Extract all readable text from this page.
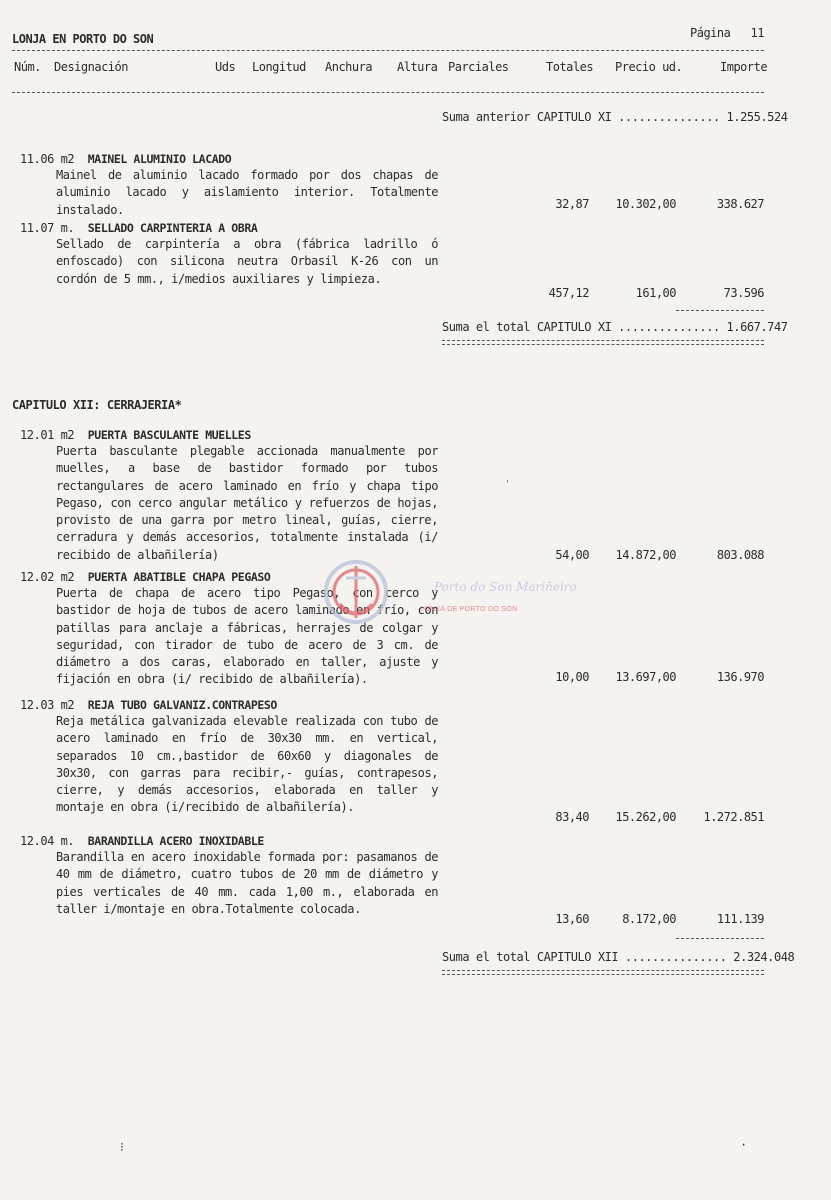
LONJA EN PORTO DO SON	Página 11
Núm. Designación	Uds Longitud Anchura Altura Parciales	Totales Precio ud.	Importe
Suma anterior CAPITULO XI ............... 1.255.524
11.06 m2 MAINEL ALUMINIO LACADO
Mainel de aluminio lacado formado por dos chapas de aluminio lacado y aislamiento interior. Totalmente instalado.	32,87 10.302,00	338.627
11.07 m. SELLADO CARPINTERIA A OBRA
Sellado de carpintería a obra (fábrica ladrillo ó enfoscado) con silicona neutra Orbasil K-26 con un cordón de 5 mm., i/medios auxiliares y limpieza.
457,12	161,00	73.596
Suma el total CAPITULO XI ............... 1.667.747
CAPITULO XII: CERRAJERIA*
12.01 m2 PUERTA BASCULANTE MUELLES
Puerta basculante plegable accionada manualmente por muelles, a base de bastidor formado por tubos rectangulares de acero laminado en frío y chapa tipo Pegaso, con cerco angular metálico y refuerzos de hojas, provisto de una garra por metro lineal, guías, cierre, cerradura y demás accesorios, totalmente instalada (i/ recibido de albañilería)	54,00 14.872,00	803.088
12.02 m2 PUERTA ABATIBLE CHAPA PEGASO
Puerta de chapa de acero tipo Pegaso, con cerco y bastidor de hoja de tubos de acero laminado en frío, con patillas para anclaje a fábricas, herrajes de colgar y seguridad, con tirador de tubo de acero de 3 cm. de diámetro a dos caras, elaborado en taller, ajuste y fijación en obra (i/ recibido de albañilería).	10,00 13.697,00	136.970
12.03 m2 REJA TUBO GALVANIZ.CONTRAPESO
Reja metálica galvanizada elevable realizada con tubo de acero laminado en frío de 30x30 mm. en vertical, separados 10 cm.,bastidor de 60x60 y diagonales de 30x30, con garras para recibir,- guías, contrapesos, cierre, y demás accesorios, elaborada en taller y montaje en obra (i/recibido de albañilería).
83,40 15.262,00 1.272.851
12.04 m. BARANDILLA ACERO INOXIDABLE
Barandilla en acero inoxidable formada por: pasamanos de 40 mm de diámetro, cuatro tubos de 20 mm de diámetro y pies verticales de 40 mm. cada 1,00 m., elaborada en taller i/montaje en obra.Totalmente colocada.
13,60	8.172,00	111.139
Suma el total CAPITULO XII ............... 2.324.048
Porto do Son Mariñeiro
LONXA DE PORTO DO SON
⁝	·
ˈ
